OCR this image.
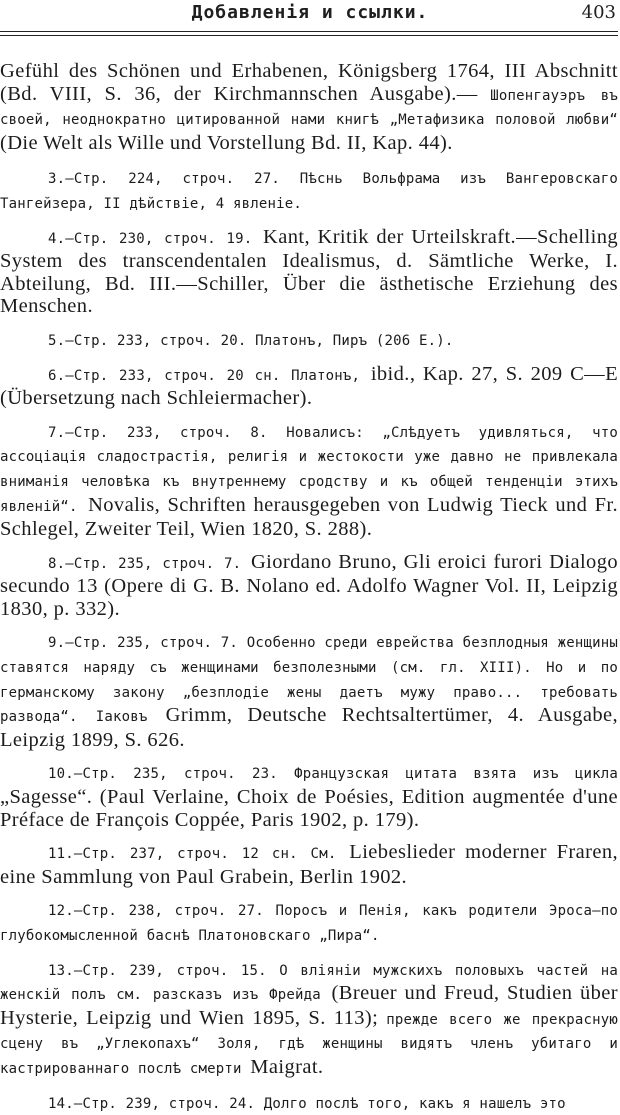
Добавленія и ссылки.	403

Gefühl des Schönen und Erhabenen, Königsberg 1764, III Abschnitt (Bd. VIII, S. 36, der Kirchmannschen Ausgabe).— Шопенгауэръ въ своей, неоднократно цитированной нами книгѣ „Метафизика половой любви“ (Die Welt als Wille und Vorstellung Bd. II, Kap. 44).

3.—Стр. 224, строч. 27. Пѣснь Вольфрама изъ Вангеровскаго Тангейзера, II дѣйствіе, 4 явленіе.

4.—Стр. 230, строч. 19. Kant, Kritik der Urteilskraft.—Schelling System des transcendentalen Idealismus, d. Sämtliche Werke, I. Abteilung, Bd. III.—Schiller, Über die ästhetische Erziehung des Menschen.

5.—Стр. 233, строч. 20. Платонъ, Пиръ (206 Е.).

6.—Стр. 233, строч. 20 сн. Платонъ, ibid., Kap. 27, S. 209 C—E (Übersetzung nach Schleiermacher).

7.—Стр. 233, строч. 8. Новалисъ: „Слѣдуетъ удивляться, что ассоціація сладострастія, религія и жестокости уже давно не привлекала вниманія человѣка къ внутреннему сродству и къ общей тенденціи этихъ явленій“. Novalis, Schriften herausgegeben von Ludwig Tieck und Fr. Schlegel, Zweiter Teil, Wien 1820, S. 288).

8.—Стр. 235, строч. 7. Giordano Bruno, Gli eroici furori Dialogo secundo 13 (Opere di G. B. Nolano ed. Adolfo Wagner Vol. II, Leipzig 1830, p. 332).

9.—Стр. 235, строч. 7. Особенно среди еврейства безплодныя женщины ставятся наряду съ женщинами безполезными (см. гл. XIII). Но и по германскому закону „безплодіе жены даетъ мужу право... требовать развода“. Іаковъ Grimm, Deutsche Rechtsaltertümer, 4. Ausgabe, Leipzig 1899, S. 626.

10.—Стр. 235, строч. 23. Французская цитата взята изъ цикла „Sagesse“. (Paul Verlaine, Choix de Poésies, Edition augmentée d'une Préface de François Coppée, Paris 1902, p. 179).

11.—Стр. 237, строч. 12 сн. См. Liebeslieder moderner Fraren, eine Sammlung von Paul Grabein, Berlin 1902.

12.—Стр. 238, строч. 27. Поросъ и Пенія, какъ родители Эроса—по глубокомысленной баснѣ Платоновскаго „Пира“.

13.—Стр. 239, строч. 15. О вліяніи мужскихъ половыхъ частей на женскій полъ см. разсказъ изъ Фрейда (Breuer und Freud, Studien über Hysterie, Leipzig und Wien 1895, S. 113); прежде всего же прекрасную сцену въ „Углекопахъ“ Золя, гдѣ женщины видятъ членъ убитаго и кастрированнаго послѣ смерти Maigrat.

14.—Стр. 239, строч. 24. Долго послѣ того, какъ я нашелъ это
